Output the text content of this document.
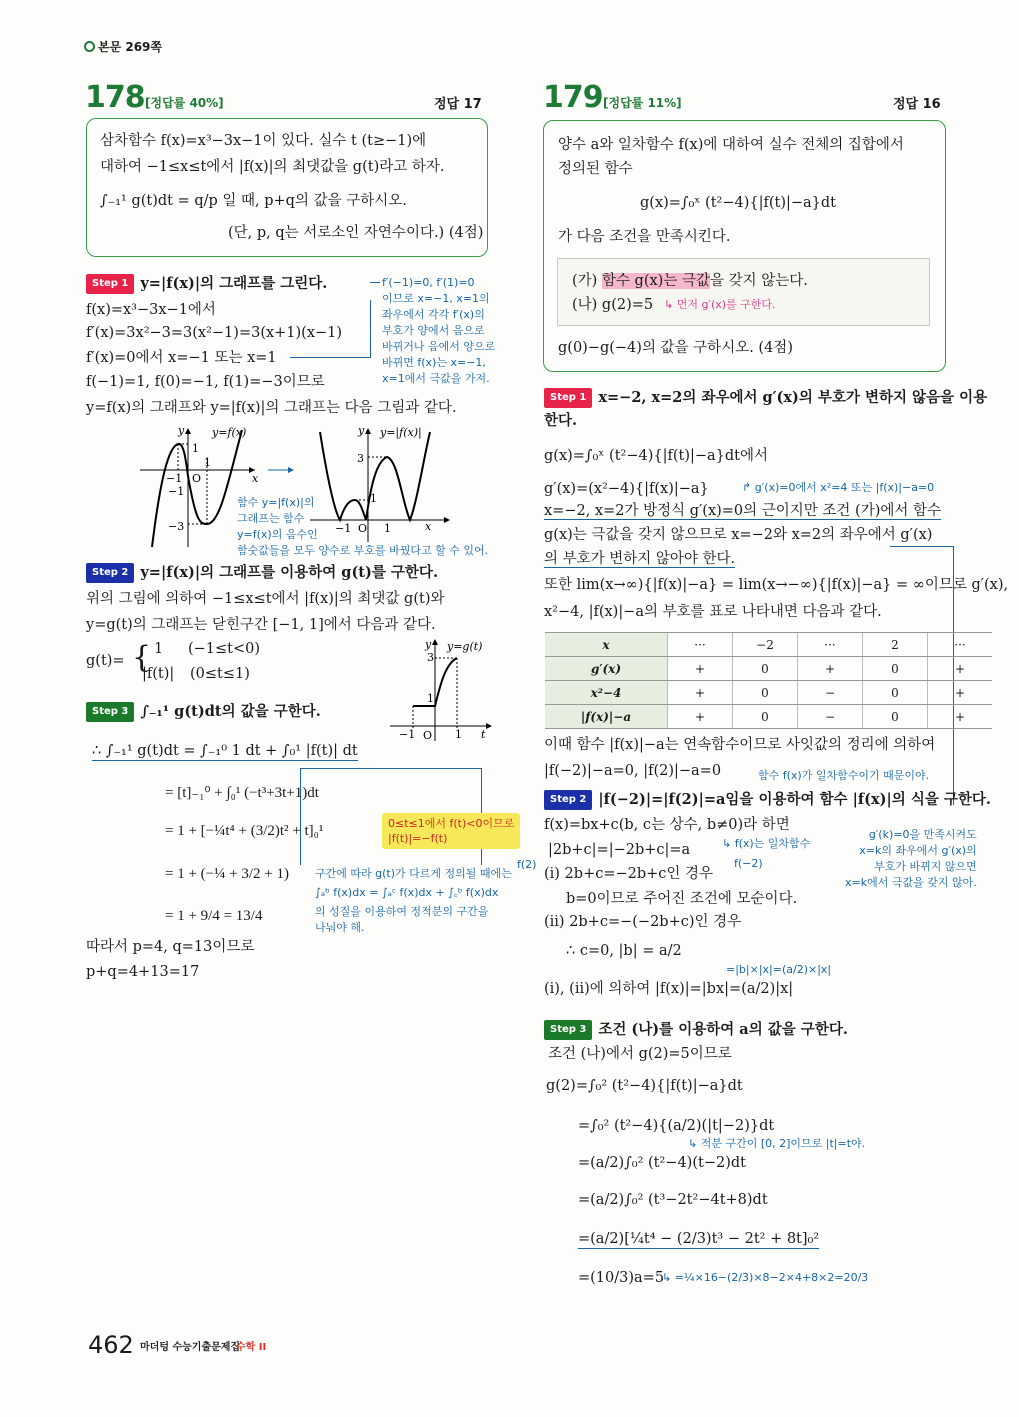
본문 269쪽
178 [정답률 40%]	정답 17
삼차함수 f(x)=x³−3x−1이 있다. 실수 t (t≥−1)에
대하여 −1≤x≤t에서 |f(x)|의 최댓값을 g(t)라고 하자.
∫₋₁¹ g(t)dt = q/p 일 때, p+q의 값을 구하시오.
(단, p, q는 서로소인 자연수이다.) (4점)
Step 1 y=|f(x)|의 그래프를 그린다.
f(x)=x³−3x−1에서
f′(x)=3x²−3=3(x²−1)=3(x+1)(x−1)
f′(x)=0에서 x=−1 또는 x=1
f(−1)=1, f(0)=−1, f(1)=−3이므로
y=f(x)의 그래프와 y=|f(x)|의 그래프는 다음 그림과 같다.
f′(−1)=0, f′(1)=0
이므로 x=−1, x=1의
좌우에서 각각 f′(x)의
부호가 양에서 음으로
바뀌거나 음에서 양으로
바뀌면 f(x)는 x=−1,
x=1에서 극값을 가져.
y	y=f(x)
x
O
1
1
−1
−1
−3
y y=|f(x)|
x
3
1
−1 O 1
함수 y=|f(x)|의
그래프는 함수
y=f(x)의 음수인
함숫값들을 모두 양수로 부호를 바꿨다고 할 수 있어.
Step 2 y=|f(x)|의 그래프를 이용하여 g(t)를 구한다.
위의 그림에 의하여 −1≤x≤t에서 |f(x)|의 최댓값 g(t)와
y=g(t)의 그래프는 닫힌구간 [−1, 1]에서 다음과 같다.
g(t)= { 1 (−1≤t<0)
|f(t)| (0≤t≤1)
y y=g(t)
3
1
−1 O 1 t
Step 3 ∫₋₁¹ g(t)dt의 값을 구한다.
∴ ∫₋₁¹ g(t)dt = ∫₋₁⁰ 1 dt + ∫₀¹ |f(t)| dt
= [t]₋₁⁰ + ∫₀¹ (−t³+3t+1)dt
= 1 + [−¼t⁴ + (3/2)t² + t]₀¹
= 1 + (−¼ + 3/2 + 1)
= 1 + 9/4 = 13/4
따라서 p=4, q=13이므로
p+q=4+13=17
0≤t≤1에서 f(t)<0이므로
|f(t)|=−f(t)
구간에 따라 g(t)가 다르게 정의될 때에는
∫ₐᵇ f(x)dx = ∫ₐᶜ f(x)dx + ∫꜀ᵇ f(x)dx
의 성질을 이용하여 정적분의 구간을
나눠야 해.
179 [정답률 11%]	정답 16
양수 a와 일차함수 f(x)에 대하여 실수 전체의 집합에서
정의된 함수
g(x)=∫₀ˣ (t²−4){|f(t)|−a}dt
가 다음 조건을 만족시킨다.
(가) 함수 g(x)는 극값을 갖지 않는다.
(나) g(2)=5 ↳ 먼저 g′(x)를 구한다.
g(0)−g(−4)의 값을 구하시오. (4점)
Step 1 x=−2, x=2의 좌우에서 g′(x)의 부호가 변하지 않음을 이용
한다.
g(x)=∫₀ˣ (t²−4){|f(t)|−a}dt에서
g′(x)=(x²−4){|f(x)|−a}	↱ g′(x)=0에서 x²=4 또는 |f(x)|−a=0
x=−2, x=2가 방정식 g′(x)=0의 근이지만 조건 (가)에서 함수
g(x)는 극값을 갖지 않으므로 x=−2와 x=2의 좌우에서 g′(x)
의 부호가 변하지 않아야 한다.
또한 lim(x→∞){|f(x)|−a} = lim(x→−∞){|f(x)|−a} = ∞이므로 g′(x),
x²−4, |f(x)|−a의 부호를 표로 나타내면 다음과 같다.
x	···	−2	···	2	···
g′(x)	+	0	+	0	+
x²−4	+	0	−	0	+
|f(x)|−a	+	0	−	0	+
이때 함수 |f(x)|−a는 연속함수이므로 사잇값의 정리에 의하여
|f(−2)|−a=0, |f(2)|−a=0	함수 f(x)가 일차함수이기 때문이야.
Step 2 |f(−2)|=|f(2)|=a임을 이용하여 함수 |f(x)|의 식을 구한다.
f(x)=bx+c(b, c는 상수, b≠0)라 하면
|2b+c|=|−2b+c|=a	↳ f(x)는 일차함수
f(2)	f(−2)
(i) 2b+c=−2b+c인 경우
b=0이므로 주어진 조건에 모순이다.
(ii) 2b+c=−(−2b+c)인 경우
∴ c=0, |b| = a/2
=|b|×|x|=(a/2)×|x|
(i), (ii)에 의하여 |f(x)|=|bx|=(a/2)|x|
g′(k)=0을 만족시켜도
x=k의 좌우에서 g′(x)의
부호가 바뀌지 않으면
x=k에서 극값을 갖지 않아.
Step 3 조건 (나)를 이용하여 a의 값을 구한다.
조건 (나)에서 g(2)=5이므로
g(2)=∫₀² (t²−4){|f(t)|−a}dt
=∫₀² (t²−4){(a/2)(|t|−2)}dt
↳ 적분 구간이 [0, 2]이므로 |t|=t야.
=(a/2)∫₀² (t²−4)(t−2)dt
=(a/2)∫₀² (t³−2t²−4t+8)dt
=(a/2)[¼t⁴ − (2/3)t³ − 2t² + 8t]₀²
=(10/3)a=5
↳ =¼×16−(2/3)×8−2×4+8×2=20/3
462 마더텅 수능기출문제집
수학 II
